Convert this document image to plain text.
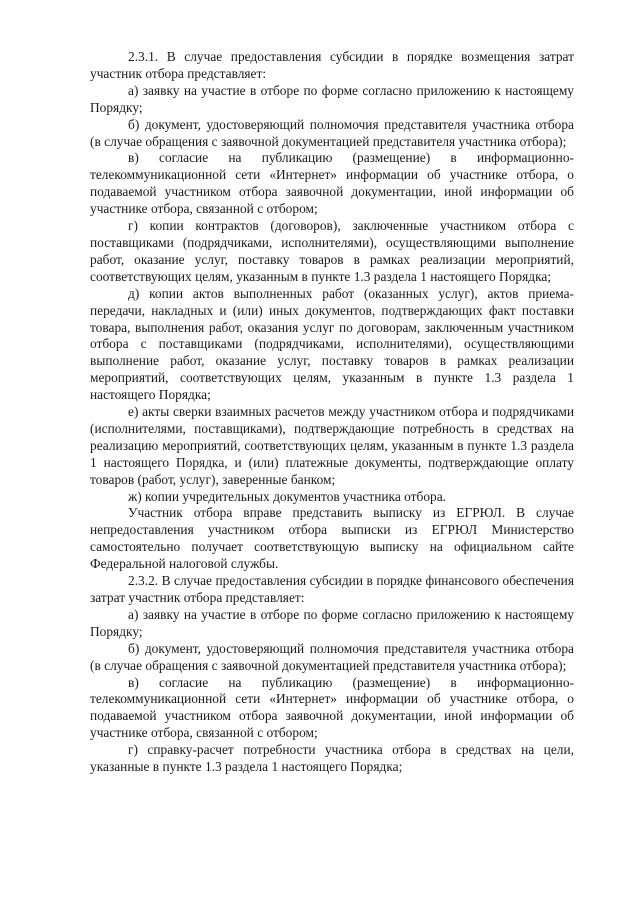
2.3.1. В случае предоставления субсидии в порядке возмещения затрат участник отбора представляет:

а) заявку на участие в отборе по форме согласно приложению к настоящему Порядку;

б) документ, удостоверяющий полномочия представителя участника отбора (в случае обращения с заявочной документацией представителя участника отбора);

в) согласие на публикацию (размещение) в информационно-телекоммуникационной сети «Интернет» информации об участнике отбора, о подаваемой участником отбора заявочной документации, иной информации об участнике отбора, связанной с отбором;

г) копии контрактов (договоров), заключенные участником отбора с поставщиками (подрядчиками, исполнителями), осуществляющими выполнение работ, оказание услуг, поставку товаров в рамках реализации мероприятий, соответствующих целям, указанным в пункте 1.3 раздела 1 настоящего Порядка;

д) копии актов выполненных работ (оказанных услуг), актов приема-передачи, накладных и (или) иных документов, подтверждающих факт поставки товара, выполнения работ, оказания услуг по договорам, заключенным участником отбора с поставщиками (подрядчиками, исполнителями), осуществляющими выполнение работ, оказание услуг, поставку товаров в рамках реализации мероприятий, соответствующих целям, указанным в пункте 1.3 раздела 1 настоящего Порядка;

е) акты сверки взаимных расчетов между участником отбора и подрядчиками (исполнителями, поставщиками), подтверждающие потребность в средствах на реализацию мероприятий, соответствующих целям, указанным в пункте 1.3 раздела 1 настоящего Порядка, и (или) платежные документы, подтверждающие оплату товаров (работ, услуг), заверенные банком;

ж) копии учредительных документов участника отбора.

Участник отбора вправе представить выписку из ЕГРЮЛ. В случае непредоставления участником отбора выписки из ЕГРЮЛ Министерство самостоятельно получает соответствующую выписку на официальном сайте Федеральной налоговой службы.

2.3.2. В случае предоставления субсидии в порядке финансового обеспечения затрат участник отбора представляет:

а) заявку на участие в отборе по форме согласно приложению к настоящему Порядку;

б) документ, удостоверяющий полномочия представителя участника отбора (в случае обращения с заявочной документацией представителя участника отбора);

в) согласие на публикацию (размещение) в информационно-телекоммуникационной сети «Интернет» информации об участнике отбора, о подаваемой участником отбора заявочной документации, иной информации об участнике отбора, связанной с отбором;

г) справку-расчет потребности участника отбора в средствах на цели, указанные в пункте 1.3 раздела 1 настоящего Порядка;
